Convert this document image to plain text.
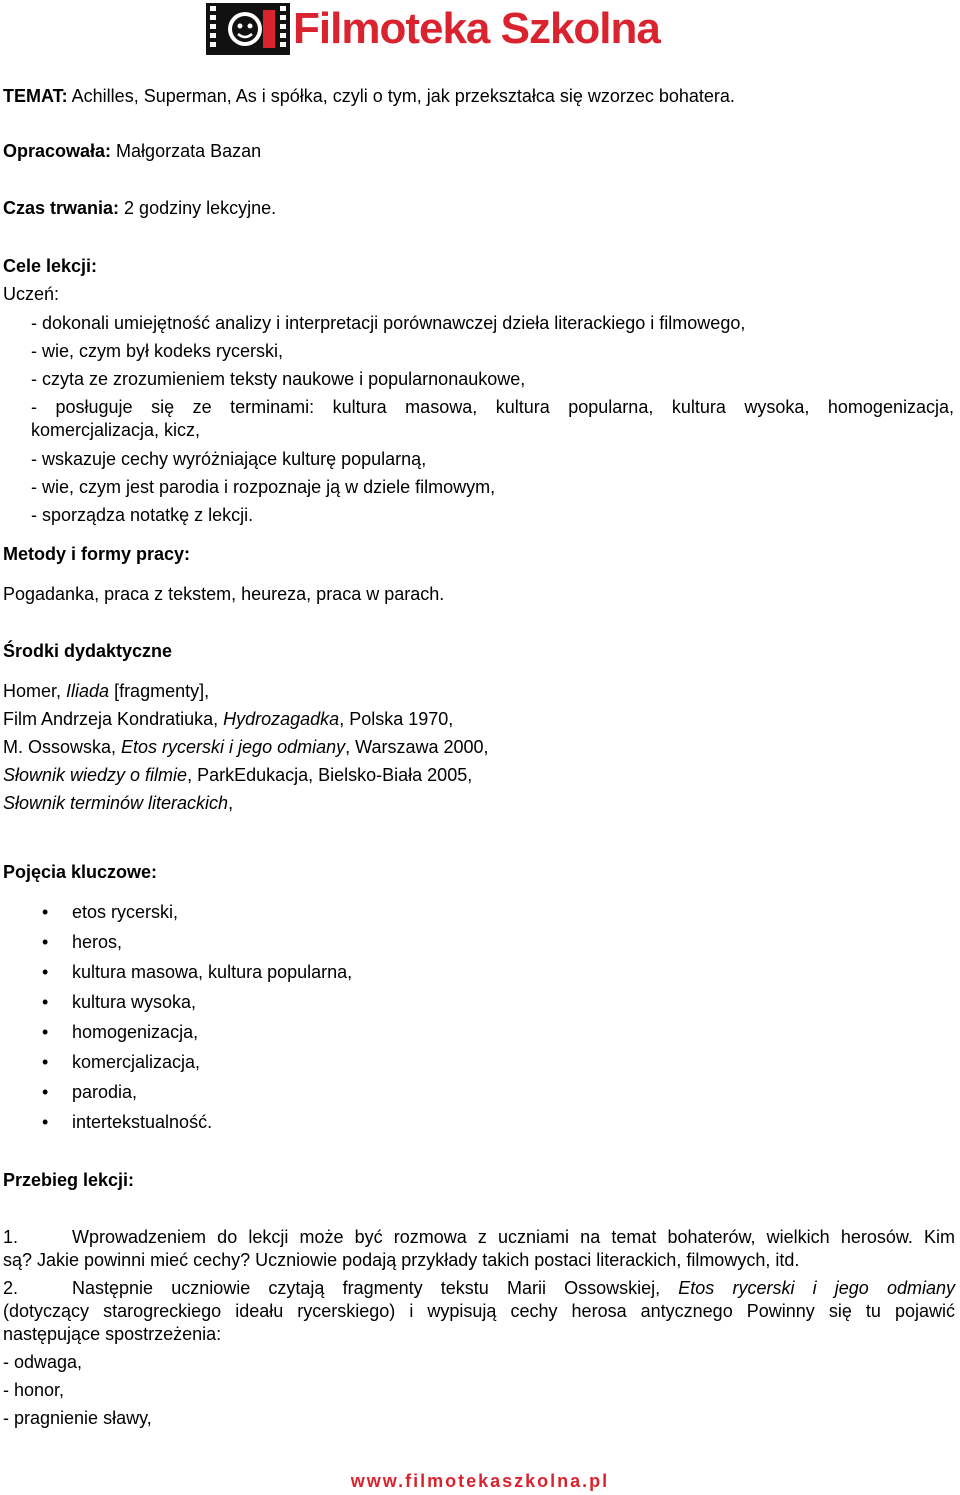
Filmoteka Szkolna
TEMAT: Achilles, Superman, As i spółka, czyli o tym, jak przekształca się wzorzec bohatera.
Opracowała: Małgorzata Bazan
Czas trwania: 2 godziny lekcyjne.
Cele lekcji:
Uczeń:
- dokonali umiejętność analizy i interpretacji porównawczej dzieła literackiego i filmowego,
- wie, czym był kodeks rycerski,
- czyta ze zrozumieniem teksty naukowe i popularnonaukowe,
- posługuje się ze terminami: kultura masowa, kultura popularna, kultura wysoka, homogenizacja,
komercjalizacja, kicz,
- wskazuje cechy wyróżniające kulturę popularną,
- wie, czym jest parodia i rozpoznaje ją w dziele filmowym,
- sporządza notatkę z lekcji.
Metody i formy pracy:
Pogadanka, praca z tekstem, heureza, praca w parach.
Środki dydaktyczne
Homer, Iliada [fragmenty],
Film Andrzeja Kondratiuka, Hydrozagadka, Polska 1970,
M. Ossowska, Etos rycerski i jego odmiany, Warszawa 2000,
Słownik wiedzy o filmie, ParkEdukacja, Bielsko-Biała 2005,
Słownik terminów literackich,
Pojęcia kluczowe:
• etos rycerski,
• heros,
• kultura masowa, kultura popularna,
• kultura wysoka,
• homogenizacja,
• komercjalizacja,
• parodia,
• intertekstualność.
Przebieg lekcji:
1.	Wprowadzeniem do lekcji może być rozmowa z uczniami na temat bohaterów, wielkich herosów. Kim
są? Jakie powinni mieć cechy? Uczniowie podają przykłady takich postaci literackich, filmowych, itd.
2.	Następnie uczniowie czytają fragmenty tekstu Marii Ossowskiej, Etos rycerski i jego odmiany
(dotyczący starogreckiego ideału rycerskiego) i wypisują cechy herosa antycznego Powinny się tu pojawić
następujące spostrzeżenia:
- odwaga,
- honor,
- pragnienie sławy,
www.filmotekaszkolna.pl
